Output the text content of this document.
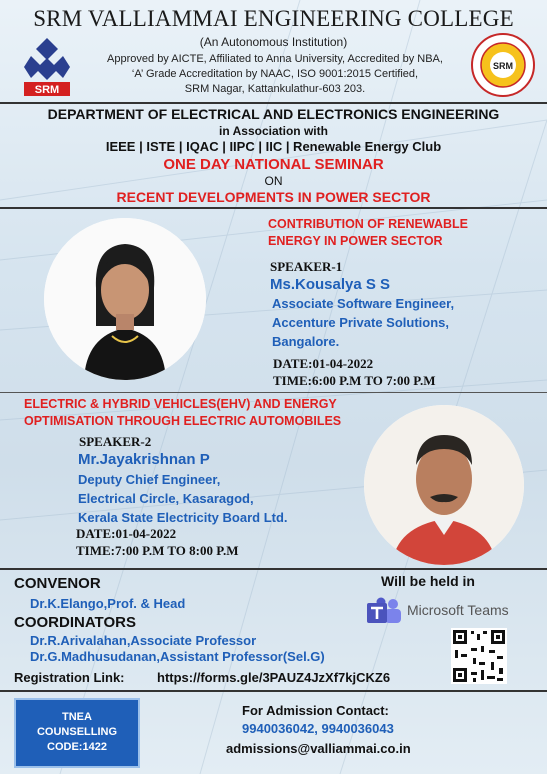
SRM VALLIAMMAI ENGINEERING COLLEGE
(An Autonomous Institution)
Approved by AICTE, Affiliated to Anna University, Accredited by NBA,
‘A’ Grade Accreditation by NAAC, ISO 9001:2015 Certified,
SRM Nagar, Kattankulathur-603 203.
SRM
SRM
DEPARTMENT OF ELECTRICAL AND ELECTRONICS ENGINEERING
in Association with
IEEE | ISTE | IQAC | IIPC | IIC | Renewable Energy Club
ONE DAY NATIONAL SEMINAR
ON
RECENT DEVELOPMENTS IN POWER SECTOR
CONTRIBUTION OF RENEWABLE
ENERGY IN POWER SECTOR
SPEAKER-1
Ms.Kousalya S S
Associate Software Engineer,
Accenture Private Solutions,
Bangalore.
DATE:01-04-2022
TIME:6:00 P.M TO 7:00 P.M
ELECTRIC & HYBRID VEHICLES(EHV) AND ENERGY
OPTIMISATION THROUGH ELECTRIC AUTOMOBILES
SPEAKER-2
Mr.Jayakrishnan P
Deputy Chief Engineer,
Electrical Circle, Kasaragod,
Kerala State Electricity Board Ltd.
DATE:01-04-2022
TIME:7:00 P.M TO 8:00 P.M
CONVENOR
Dr.K.Elango,Prof. & Head
COORDINATORS
Dr.R.Arivalahan,Associate Professor
Dr.G.Madhusudanan,Assistant Professor(Sel.G)
Will be held in
Microsoft Teams
Registration Link: https://forms.gle/3PAUZ4JzXf7kjCKZ6
TNEA
COUNSELLING
CODE:1422
For Admission Contact:
9940036042, 9940036043
admissions@valliammai.co.in
